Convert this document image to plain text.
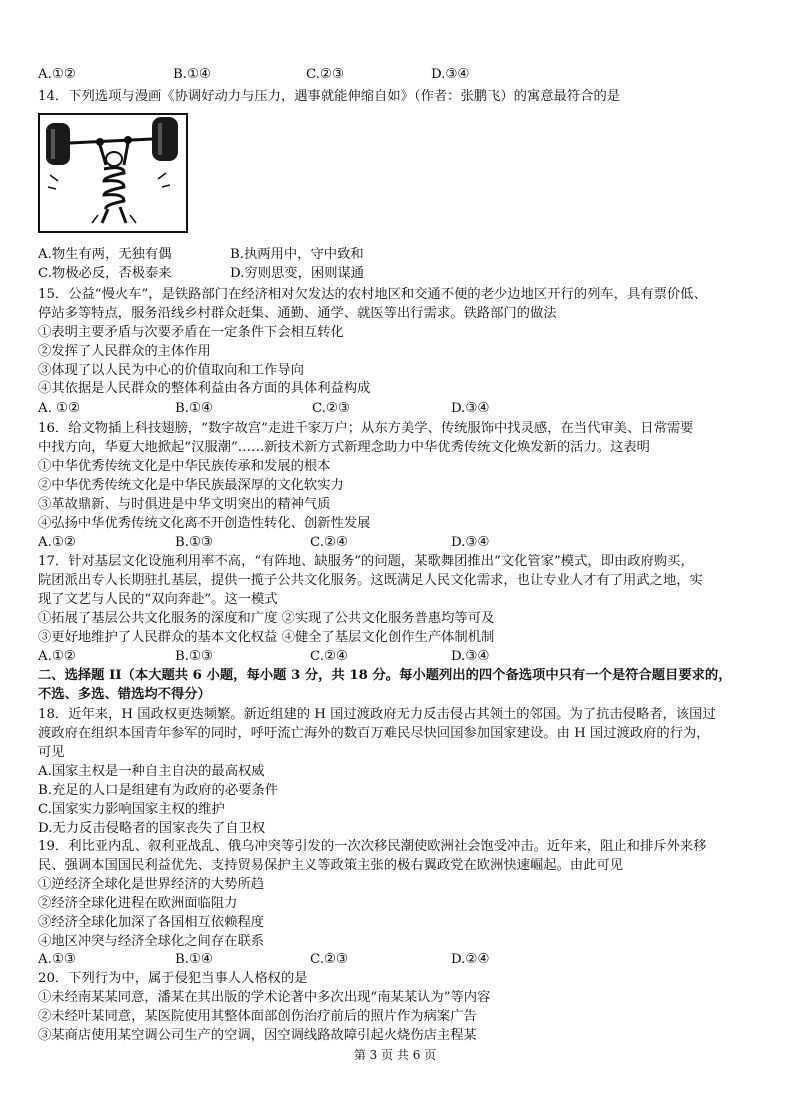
A.①②	B.①④	C.②③	D.③④
14．下列选项与漫画《协调好动力与压力，遇事就能伸缩自如》（作者：张鹏飞）的寓意最符合的是
A.物生有两，无独有偶	B.执两用中，守中致和
C.物极必反，否极泰来	D.穷则思变，困则谋通
15．公益“慢火车”，是铁路部门在经济相对欠发达的农村地区和交通不便的老少边地区开行的列车，具有票价低、
停站多等特点，服务沿线乡村群众赶集、通勤、通学、就医等出行需求。铁路部门的做法
①表明主要矛盾与次要矛盾在一定条件下会相互转化
②发挥了人民群众的主体作用
③体现了以人民为中心的价值取向和工作导向
④其依据是人民群众的整体利益由各方面的具体利益构成
A. ①②	B.①④	C.②③	D.③④
16．给文物插上科技翅膀，“数字故宫”走进千家万户；从东方美学、传统服饰中找灵感，在当代审美、日常需要
中找方向，华夏大地掀起“汉服潮”……新技术新方式新理念助力中华优秀传统文化焕发新的活力。这表明
①中华优秀传统文化是中华民族传承和发展的根本
②中华优秀传统文化是中华民族最深厚的文化软实力
③革故鼎新、与时俱进是中华文明突出的精神气质
④弘扬中华优秀传统文化离不开创造性转化、创新性发展
A.①②	B.①③	C.②④	D.③④
17．针对基层文化设施利用率不高，“有阵地、缺服务”的问题，某歌舞团推出“文化管家”模式，即由政府购买，
院团派出专人长期驻扎基层，提供一揽子公共文化服务。这既满足人民文化需求，也让专业人才有了用武之地，实
现了文艺与人民的“双向奔赴”。这一模式
①拓展了基层公共文化服务的深度和广度 ②实现了公共文化服务普惠均等可及
③更好地维护了人民群众的基本文化权益 ④健全了基层文化创作生产体制机制
A.①②	B.①③	C.②④	D.③④
二、选择题 II（本大题共 6 小题，每小题 3 分，共 18 分。每小题列出的四个备选项中只有一个是符合题目要求的，
不选、多选、错选均不得分）
18．近年来，H 国政权更迭频繁。新近组建的 H 国过渡政府无力反击侵占其领土的邻国。为了抗击侵略者，该国过
渡政府在组织本国青年参军的同时，呼吁流亡海外的数百万难民尽快回国参加国家建设。由 H 国过渡政府的行为，
可见
A.国家主权是一种自主自决的最高权威
B.充足的人口是组建有为政府的必要条件
C.国家实力影响国家主权的维护
D.无力反击侵略者的国家丧失了自卫权
19．利比亚内乱、叙利亚战乱、俄乌冲突等引发的一次次移民潮使欧洲社会饱受冲击。近年来，阻止和排斥外来移
民、强调本国国民利益优先、支持贸易保护主义等政策主张的极右翼政党在欧洲快速崛起。由此可见
①逆经济全球化是世界经济的大势所趋
②经济全球化进程在欧洲面临阻力
③经济全球化加深了各国相互依赖程度
④地区冲突与经济全球化之间存在联系
A.①③	B.①④	C.②③	D.②④
20．下列行为中，属于侵犯当事人人格权的是
①未经南某某同意，潘某在其出版的学术论著中多次出现“南某某认为”等内容
②未经叶某同意，某医院使用其整体面部创伤治疗前后的照片作为病案广告
③某商店使用某空调公司生产的空调，因空调线路故障引起火烧伤店主程某
第 3 页 共 6 页
